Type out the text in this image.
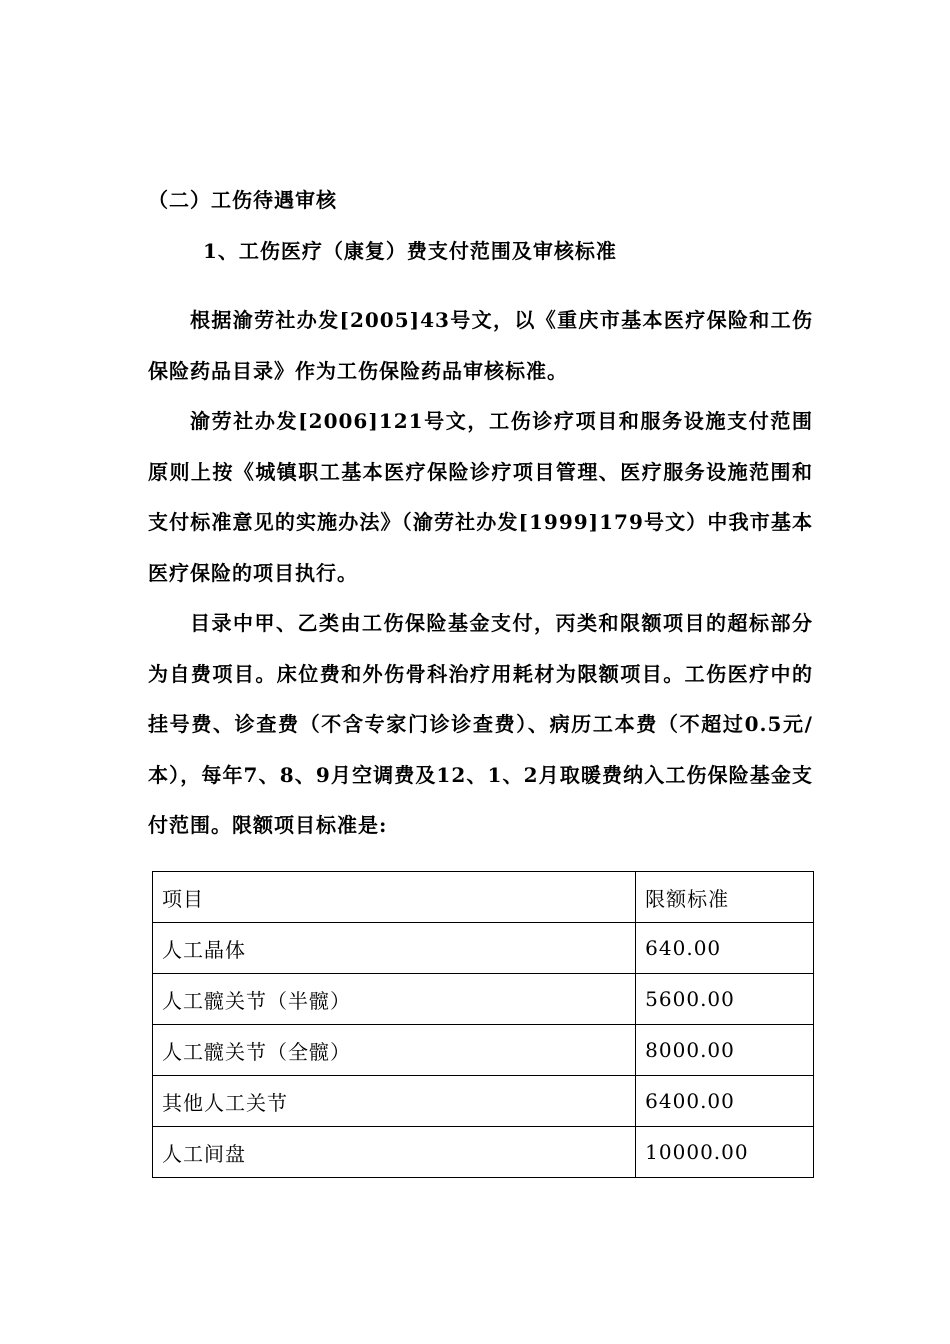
（二）工伤待遇审核
1、工伤医疗（康复）费支付范围及审核标准

根据渝劳社办发[2005]43号文，以《重庆市基本医疗保险和工伤保险药品目录》作为工伤保险药品审核标准。

渝劳社办发[2006]121号文，工伤诊疗项目和服务设施支付范围原则上按《城镇职工基本医疗保险诊疗项目管理、医疗服务设施范围和支付标准意见的实施办法》（渝劳社办发[1999]179号文）中我市基本医疗保险的项目执行。

目录中甲、乙类由工伤保险基金支付，丙类和限额项目的超标部分为自费项目。床位费和外伤骨科治疗用耗材为限额项目。工伤医疗中的挂号费、诊查费（不含专家门诊诊查费）、病历工本费（不超过0.5元/本），每年7、8、9月空调费及12、1、2月取暖费纳入工伤保险基金支付范围。限额项目标准是:

项目	限额标准
人工晶体	640.00
人工髋关节（半髋）	5600.00
人工髋关节（全髋）	8000.00
其他人工关节	6400.00
人工间盘	10000.00
